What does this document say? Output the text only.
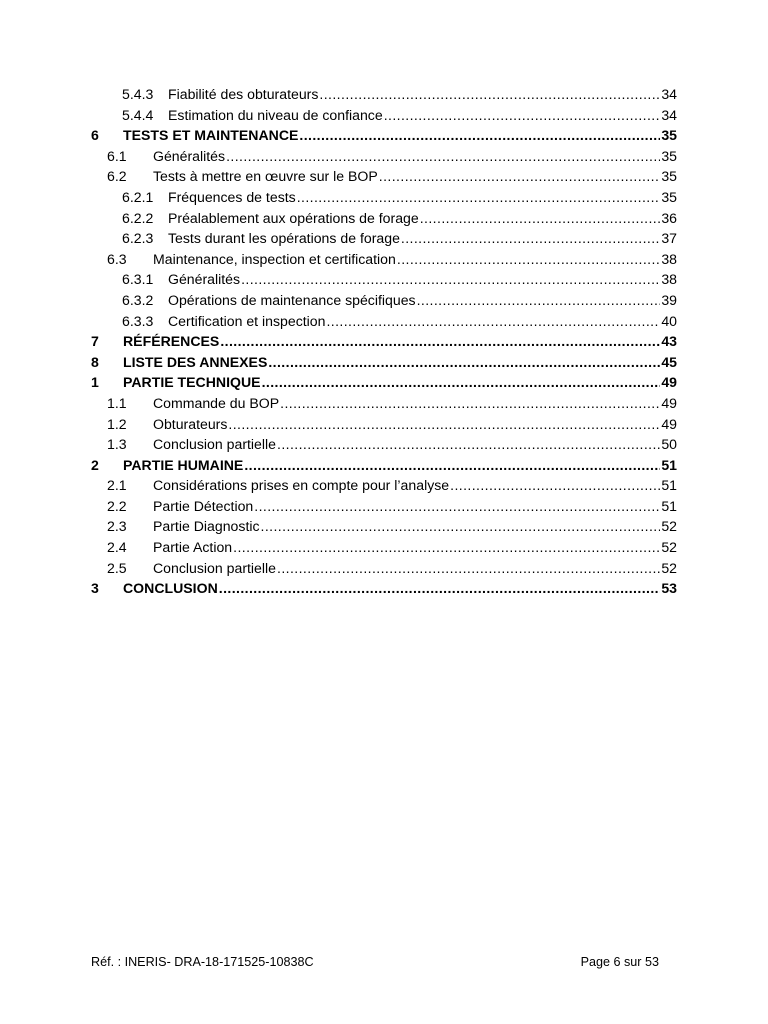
5.4.3	Fiabilité des obturateurs .....	34
5.4.4	Estimation du niveau de confiance .....	34
6	TESTS ET MAINTENANCE .....	35
6.1	Généralités .....	35
6.2	Tests à mettre en œuvre sur le BOP .....	35
6.2.1	Fréquences de tests .....	35
6.2.2	Préalablement aux opérations de forage .....	36
6.2.3	Tests durant les opérations de forage .....	37
6.3	Maintenance, inspection et certification .....	38
6.3.1	Généralités .....	38
6.3.2	Opérations de maintenance spécifiques .....	39
6.3.3	Certification et inspection .....	40
7	RÉFÉRENCES .....	43
8	LISTE DES ANNEXES .....	45
1	PARTIE TECHNIQUE .....	49
1.1	Commande du BOP .....	49
1.2	Obturateurs .....	49
1.3	Conclusion partielle .....	50
2	PARTIE HUMAINE .....	51
2.1	Considérations prises en compte pour l’analyse .....	51
2.2	Partie Détection .....	51
2.3	Partie Diagnostic .....	52
2.4	Partie Action .....	52
2.5	Conclusion partielle .....	52
3	CONCLUSION .....	53
Réf. : INERIS- DRA-18-171525-10838C	Page 6 sur 53
